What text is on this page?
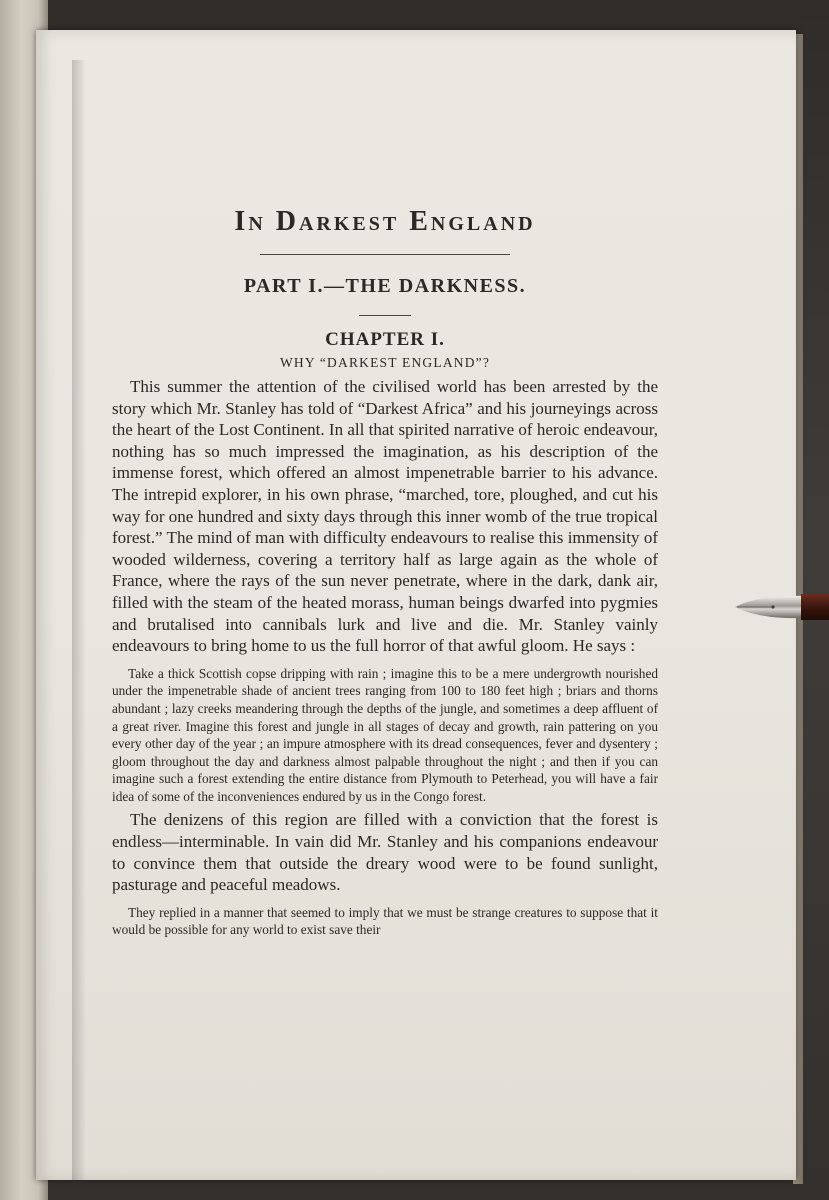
In Darkest England
PART I.—THE DARKNESS.
CHAPTER I.
WHY “DARKEST ENGLAND”?

This summer the attention of the civilised world has been arrested by the story which Mr. Stanley has told of “Darkest Africa” and his journeyings across the heart of the Lost Continent. In all that spirited narrative of heroic endeavour, nothing has so much impressed the imagination, as his description of the immense forest, which offered an almost impenetrable barrier to his advance. The intrepid explorer, in his own phrase, “marched, tore, ploughed, and cut his way for one hundred and sixty days through this inner womb of the true tropical forest.” The mind of man with difficulty endeavours to realise this immensity of wooded wilderness, covering a territory half as large again as the whole of France, where the rays of the sun never penetrate, where in the dark, dank air, filled with the steam of the heated morass, human beings dwarfed into pygmies and brutalised into cannibals lurk and live and die. Mr. Stanley vainly endeavours to bring home to us the full horror of that awful gloom. He says :

Take a thick Scottish copse dripping with rain ; imagine this to be a mere undergrowth nourished under the impenetrable shade of ancient trees ranging from 100 to 180 feet high ; briars and thorns abundant ; lazy creeks meandering through the depths of the jungle, and sometimes a deep affluent of a great river. Imagine this forest and jungle in all stages of decay and growth, rain pattering on you every other day of the year ; an impure atmosphere with its dread consequences, fever and dysentery ; gloom throughout the day and darkness almost palpable throughout the night ; and then if you can imagine such a forest extending the entire distance from Plymouth to Peterhead, you will have a fair idea of some of the inconveniences endured by us in the Congo forest.

The denizens of this region are filled with a conviction that the forest is endless—interminable. In vain did Mr. Stanley and his companions endeavour to convince them that outside the dreary wood were to be found sunlight, pasturage and peaceful meadows.

They replied in a manner that seemed to imply that we must be strange creatures to suppose that it would be possible for any world to exist save their
